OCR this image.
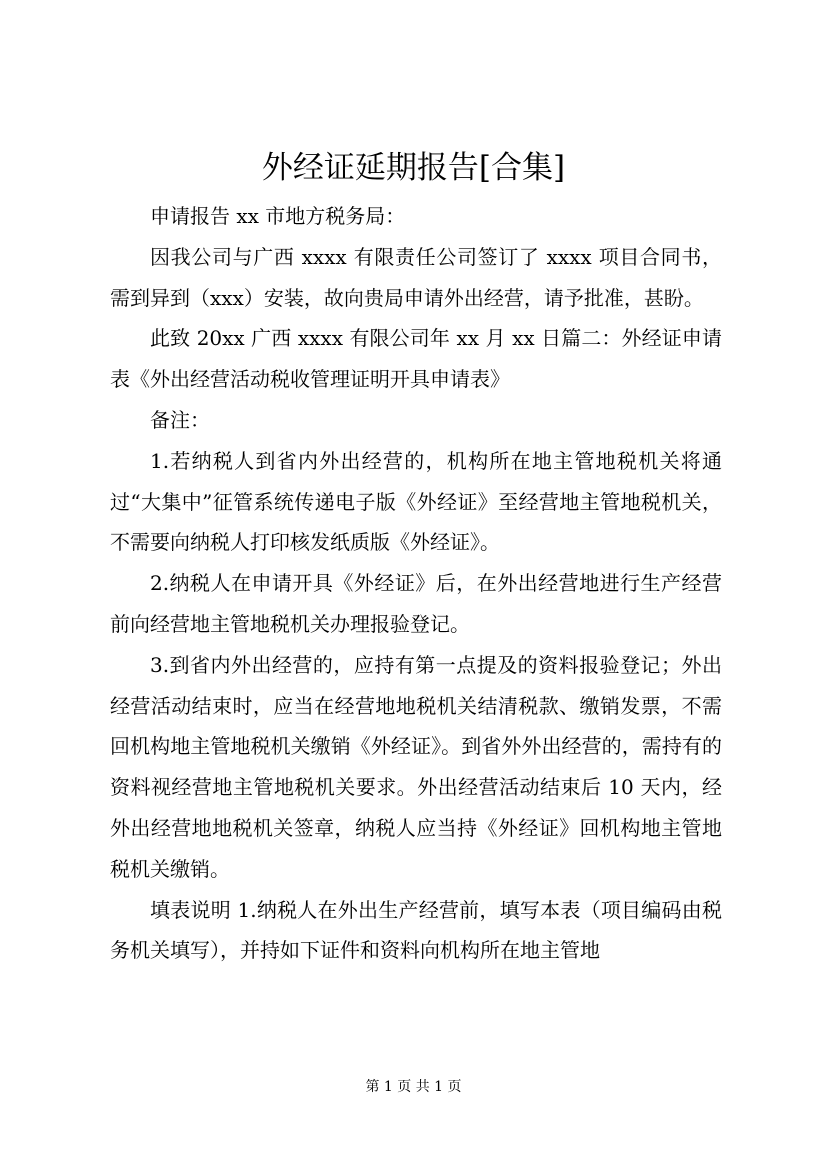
外经证延期报告[合集]

申请报告 xx 市地方税务局：

因我公司与广西 xxxx 有限责任公司签订了 xxxx 项目合同书，需到异到（xxx）安装，故向贵局申请外出经营，请予批准，甚盼。

此致 20xx 广西 xxxx 有限公司年 xx 月 xx 日篇二：外经证申请表《外出经营活动税收管理证明开具申请表》

备注：

1.若纳税人到省内外出经营的，机构所在地主管地税机关将通过“大集中”征管系统传递电子版《外经证》至经营地主管地税机关，不需要向纳税人打印核发纸质版《外经证》。

2.纳税人在申请开具《外经证》后，在外出经营地进行生产经营前向经营地主管地税机关办理报验登记。

3.到省内外出经营的，应持有第一点提及的资料报验登记；外出经营活动结束时，应当在经营地地税机关结清税款、缴销发票，不需回机构地主管地税机关缴销《外经证》。到省外外出经营的，需持有的资料视经营地主管地税机关要求。外出经营活动结束后 10 天内，经外出经营地地税机关签章，纳税人应当持《外经证》回机构地主管地税机关缴销。

填表说明 1.纳税人在外出生产经营前，填写本表（项目编码由税务机关填写），并持如下证件和资料向机构所在地主管地

第 1 页 共 1 页
